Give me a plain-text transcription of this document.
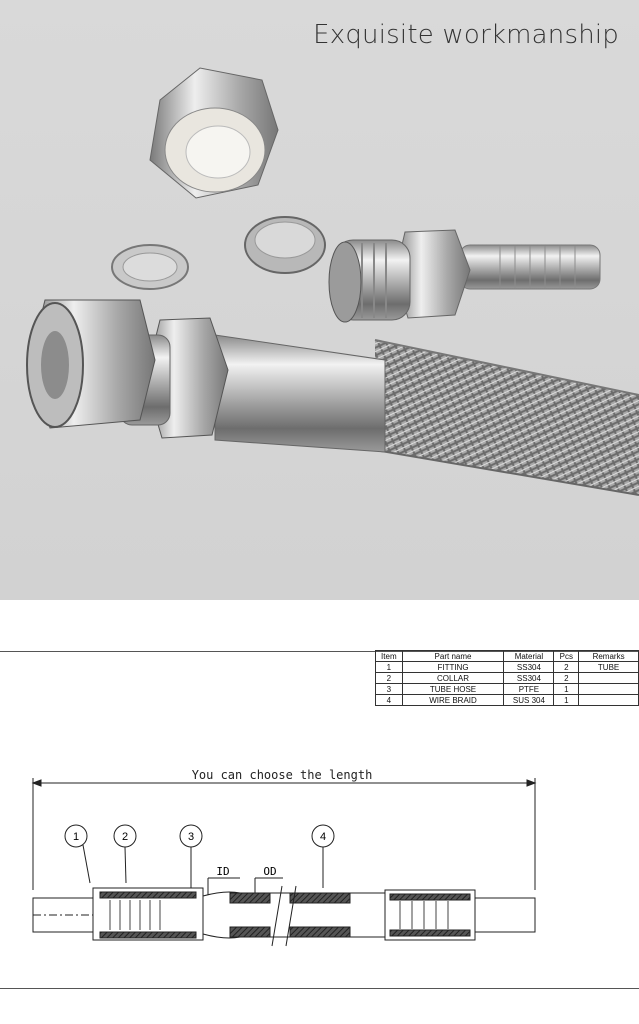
Exquisite workmanship
Item	Part name	Material	Pcs	Remarks
1	FITTING	SS304	2	TUBE
2	COLLAR	SS304	2	
3	TUBE HOSE	PTFE	1	
4	WIRE BRAID	SUS 304	1	
You can choose the length
1	2	3	4
ID	OD
